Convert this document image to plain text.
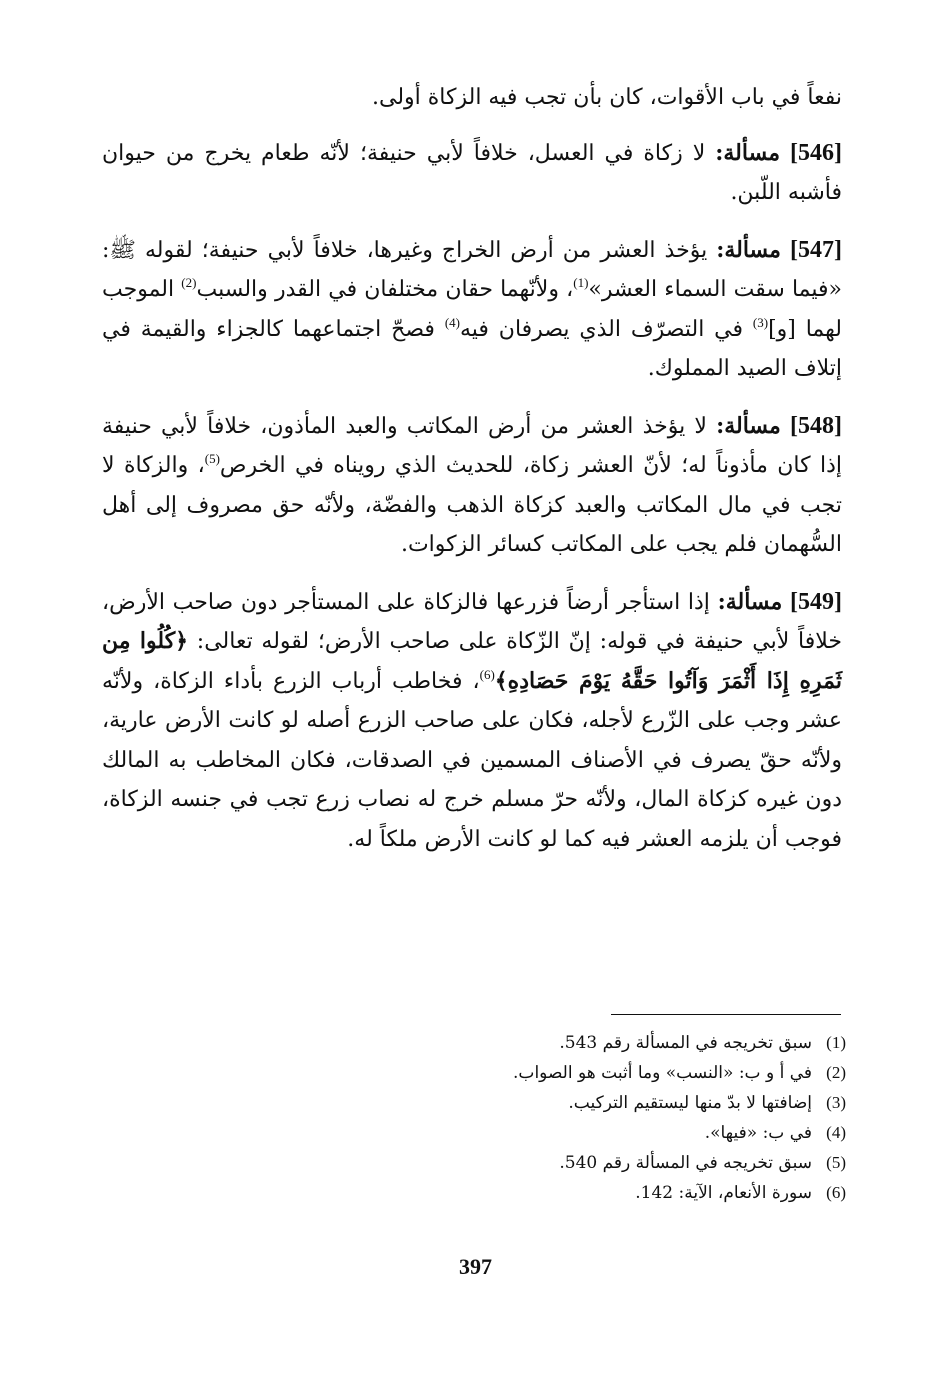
نفعاً في باب الأقوات، كان بأن تجب فيه الزكاة أولى.

[546] مسألة: لا زكاة في العسل، خلافاً لأبي حنيفة؛ لأنّه طعام يخرج من حيوان فأشبه اللّبن.

[547] مسألة: يؤخذ العشر من أرض الخراج وغيرها، خلافاً لأبي حنيفة؛ لقوله ﷺ: «فيما سقت السماء العشر»$^{(1)}$، ولأنّهما حقان مختلفان في القدر والسبب$^{(2)}$ الموجب لهما [و]$^{(3)}$ في التصرّف الذي يصرفان فيه$^{(4)}$ فصحّ اجتماعهما كالجزاء والقيمة في إتلاف الصيد المملوك.

[548] مسألة: لا يؤخذ العشر من أرض المكاتب والعبد المأذون، خلافاً لأبي حنيفة إذا كان مأذوناً له؛ لأنّ العشر زكاة، للحديث الذي رويناه في الخرص$^{(5)}$، والزكاة لا تجب في مال المكاتب والعبد كزكاة الذهب والفضّة، ولأنّه حق مصروف إلى أهل السُّهمان فلم يجب على المكاتب كسائر الزكوات.

[549] مسألة: إذا استأجر أرضاً فزرعها فالزكاة على المستأجر دون صاحب الأرض، خلافاً لأبي حنيفة في قوله: إنّ الزّكاة على صاحب الأرض؛ لقوله تعالى: ﴿كُلُوا مِن ثَمَرِهِ إِذَا أَثْمَرَ وَآتُوا حَقَّهُ يَوْمَ حَصَادِهِ﴾$^{(6)}$، فخاطب أرباب الزرع بأداء الزكاة، ولأنّه عشر وجب على الزّرع لأجله، فكان على صاحب الزرع أصله لو كانت الأرض عارية، ولأنّه حقّ يصرف في الأصناف المسمين في الصدقات، فكان المخاطب به المالك دون غيره كزكاة المال، ولأنّه حرّ مسلم خرج له نصاب زرع تجب في جنسه الزكاة، فوجب أن يلزمه العشر فيه كما لو كانت الأرض ملكاً له.

(1)
سبق تخريجه في المسألة رقم 543.
(2)
في أ و ب: «النسب» وما أثبت هو الصواب.
(3)
إضافتها لا بدّ منها ليستقيم التركيب.
(4)
في ب: «فيها».
(5)
سبق تخريجه في المسألة رقم 540.
(6)
سورة الأنعام، الآية: 142.
397
